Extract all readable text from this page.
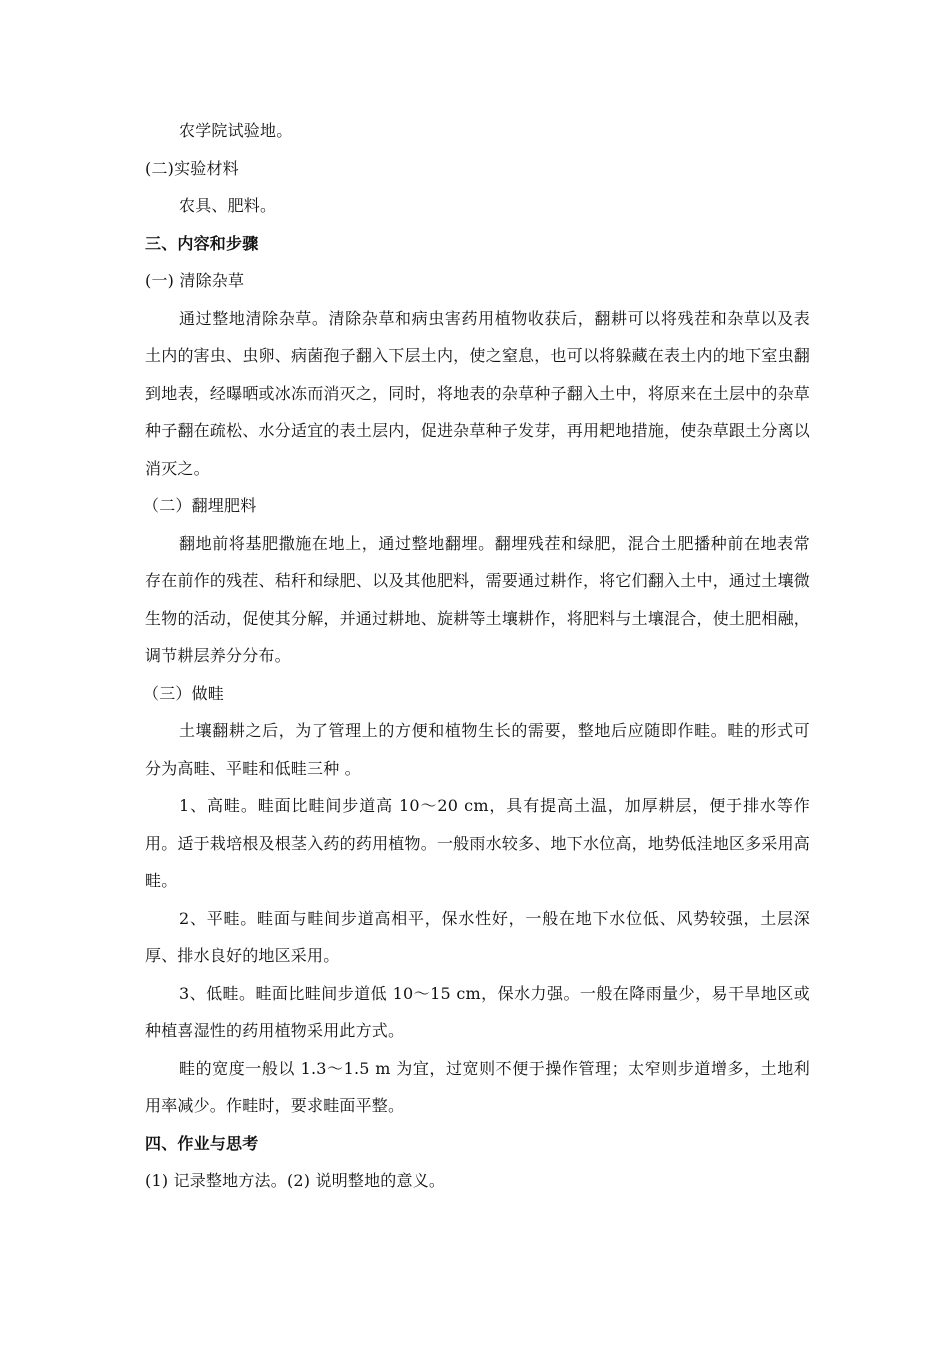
农学院试验地。

(二)实验材料

农具、肥料。

三、内容和步骤

(一) 清除杂草

通过整地清除杂草。清除杂草和病虫害药用植物收获后，翻耕可以将残茬和杂草以及表土内的害虫、虫卵、病菌孢子翻入下层土内，使之窒息，也可以将躲藏在表土内的地下室虫翻到地表，经曝晒或冰冻而消灭之，同时，将地表的杂草种子翻入土中，将原来在土层中的杂草种子翻在疏松、水分适宜的表土层内，促进杂草种子发芽，再用耙地措施，使杂草跟土分离以消灭之。

（二）翻埋肥料

翻地前将基肥撒施在地上，通过整地翻埋。翻埋残茬和绿肥，混合土肥播种前在地表常存在前作的残茬、秸秆和绿肥、以及其他肥料，需要通过耕作，将它们翻入土中，通过土壤微生物的活动，促使其分解，并通过耕地、旋耕等土壤耕作，将肥料与土壤混合，使土肥相融，调节耕层养分分布。

（三）做畦

土壤翻耕之后，为了管理上的方便和植物生长的需要，整地后应随即作畦。畦的形式可分为高畦、平畦和低畦三种 。

1、高畦。畦面比畦间步道高 10～20 cm，具有提高土温，加厚耕层，便于排水等作用。适于栽培根及根茎入药的药用植物。一般雨水较多、地下水位高，地势低洼地区多采用高畦。

2、平畦。畦面与畦间步道高相平，保水性好，一般在地下水位低、风势较强，土层深厚、排水良好的地区采用。

3、低畦。畦面比畦间步道低 10～15 cm，保水力强。一般在降雨量少，易干旱地区或种植喜湿性的药用植物采用此方式。

畦的宽度一般以 1.3～1.5 m 为宜，过宽则不便于操作管理；太窄则步道增多，土地利用率减少。作畦时，要求畦面平整。

四、作业与思考

(1) 记录整地方法。(2) 说明整地的意义。
